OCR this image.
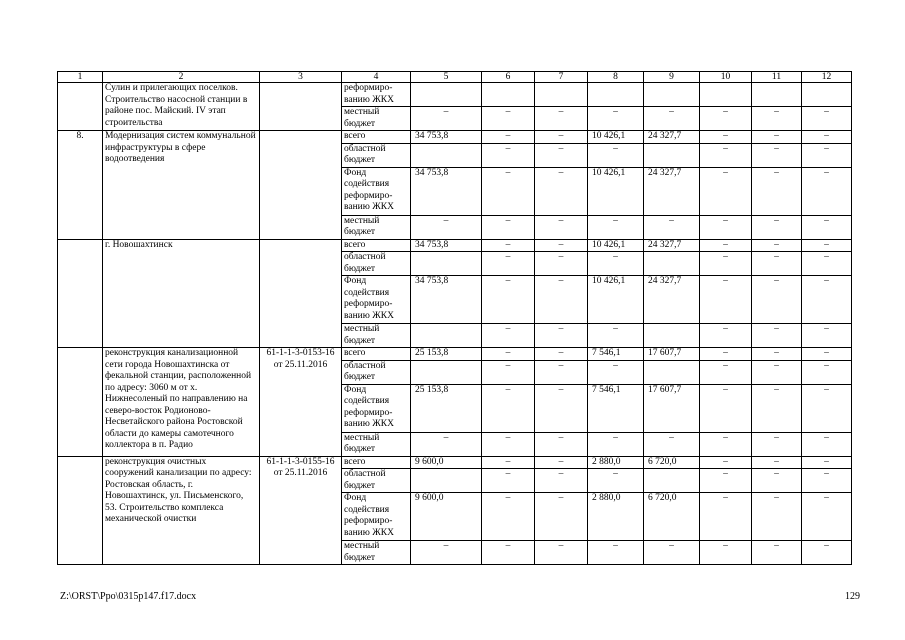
1	2	3	4	5	6	7	8	9	10	11	12
	Сулин и прилегающих поселков. Строительство насосной станции в районе пос. Майский. IV этап строительства		реформиро-ванию ЖКХ								
			местный бюджет	–	–	–	–	–	–	–	–
8.	Модернизация систем коммунальной инфраструктуры в сфере водоотведения		всего	34 753,8	–	–	10 426,1	24 327,7	–	–	–
			областной бюджет		–	–	–		–	–	–
			Фонд содействия реформиро-ванию ЖКХ	34 753,8	–	–	10 426,1	24 327,7	–	–	–
			местный бюджет	–	–	–	–	–	–	–	–
	г. Новошахтинск		всего	34 753,8	–	–	10 426,1	24 327,7	–	–	–
			областной бюджет		–	–	–		–	–	–
			Фонд содействия реформиро-ванию ЖКХ	34 753,8	–	–	10 426,1	24 327,7	–	–	–
			местный бюджет		–	–	–		–	–	–
	реконструкция канализационной сети города Новошахтинска от фекальной станции, расположенной по адресу: 3060 м от х. Нижнесоленый по направлению на северо-восток Родионово-Несветайского района Ростовской области до камеры самотечного коллектора в п. Радио	61-1-1-3-0153-16 от 25.11.2016	всего	25 153,8	–	–	7 546,1	17 607,7	–	–	–
			областной бюджет		–	–	–		–	–	–
			Фонд содействия реформиро-ванию ЖКХ	25 153,8	–	–	7 546,1	17 607,7	–	–	–
			местный бюджет	–	–	–	–	–	–	–	–
	реконструкция очистных сооружений канализации по адресу: Ростовская область, г. Новошахтинск, ул. Письменского, 53. Строительство комплекса механической очистки	61-1-1-3-0155-16 от 25.11.2016	всего	9 600,0	–	–	2 880,0	6 720,0	–	–	–
			областной бюджет		–	–	–		–	–	–
			Фонд содействия реформиро-ванию ЖКХ	9 600,0	–	–	2 880,0	6 720,0	–	–	–
			местный бюджет	–	–	–	–	–	–	–	–
Z:\ORST\Ppo\0315p147.f17.docx	129
